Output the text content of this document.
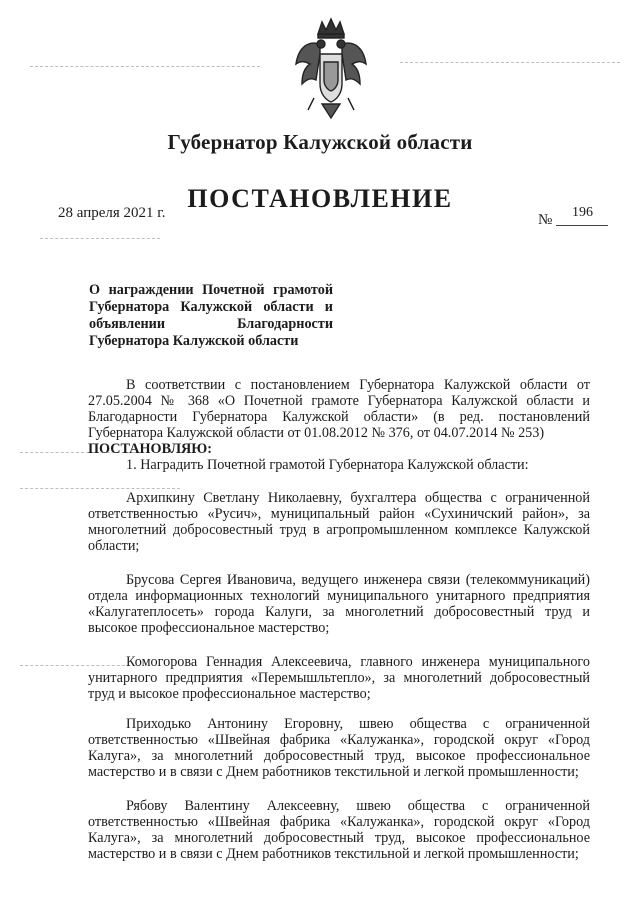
Губернатор Калужской области
ПОСТАНОВЛЕНИЕ
28 апреля 2021 г.	№ 196
О награждении Почетной грамотой Губернатора Калужской области и объявлении Благодарности Губернатора Калужской области

В соответствии с постановлением Губернатора Калужской области от 27.05.2004 № 368 «О Почетной грамоте Губернатора Калужской области и Благодарности Губернатора Калужской области» (в ред. постановлений Губернатора Калужской области от 01.08.2012 № 376, от 04.07.2014 № 253)

ПОСТАНОВЛЯЮ:

1. Наградить Почетной грамотой Губернатора Калужской области:

Архипкину Светлану Николаевну, бухгалтера общества с ограниченной ответственностью «Русич», муниципальный район «Сухиничский район», за многолетний добросовестный труд в агропромышленном комплексе Калужской области;

Брусова Сергея Ивановича, ведущего инженера связи (телекоммуникаций) отдела информационных технологий муниципального унитарного предприятия «Калугатеплосеть» города Калуги, за многолетний добросовестный труд и высокое профессиональное мастерство;

Комогорова Геннадия Алексеевича, главного инженера муниципального унитарного предприятия «Перемышльтепло», за многолетний добросовестный труд и высокое профессиональное мастерство;

Приходько Антонину Егоровну, швею общества с ограниченной ответственностью «Швейная фабрика «Калужанка», городской округ «Город Калуга», за многолетний добросовестный труд, высокое профессиональное мастерство и в связи с Днем работников текстильной и легкой промышленности;

Рябову Валентину Алексеевну, швею общества с ограниченной ответственностью «Швейная фабрика «Калужанка», городской округ «Город Калуга», за многолетний добросовестный труд, высокое профессиональное мастерство и в связи с Днем работников текстильной и легкой промышленности;
